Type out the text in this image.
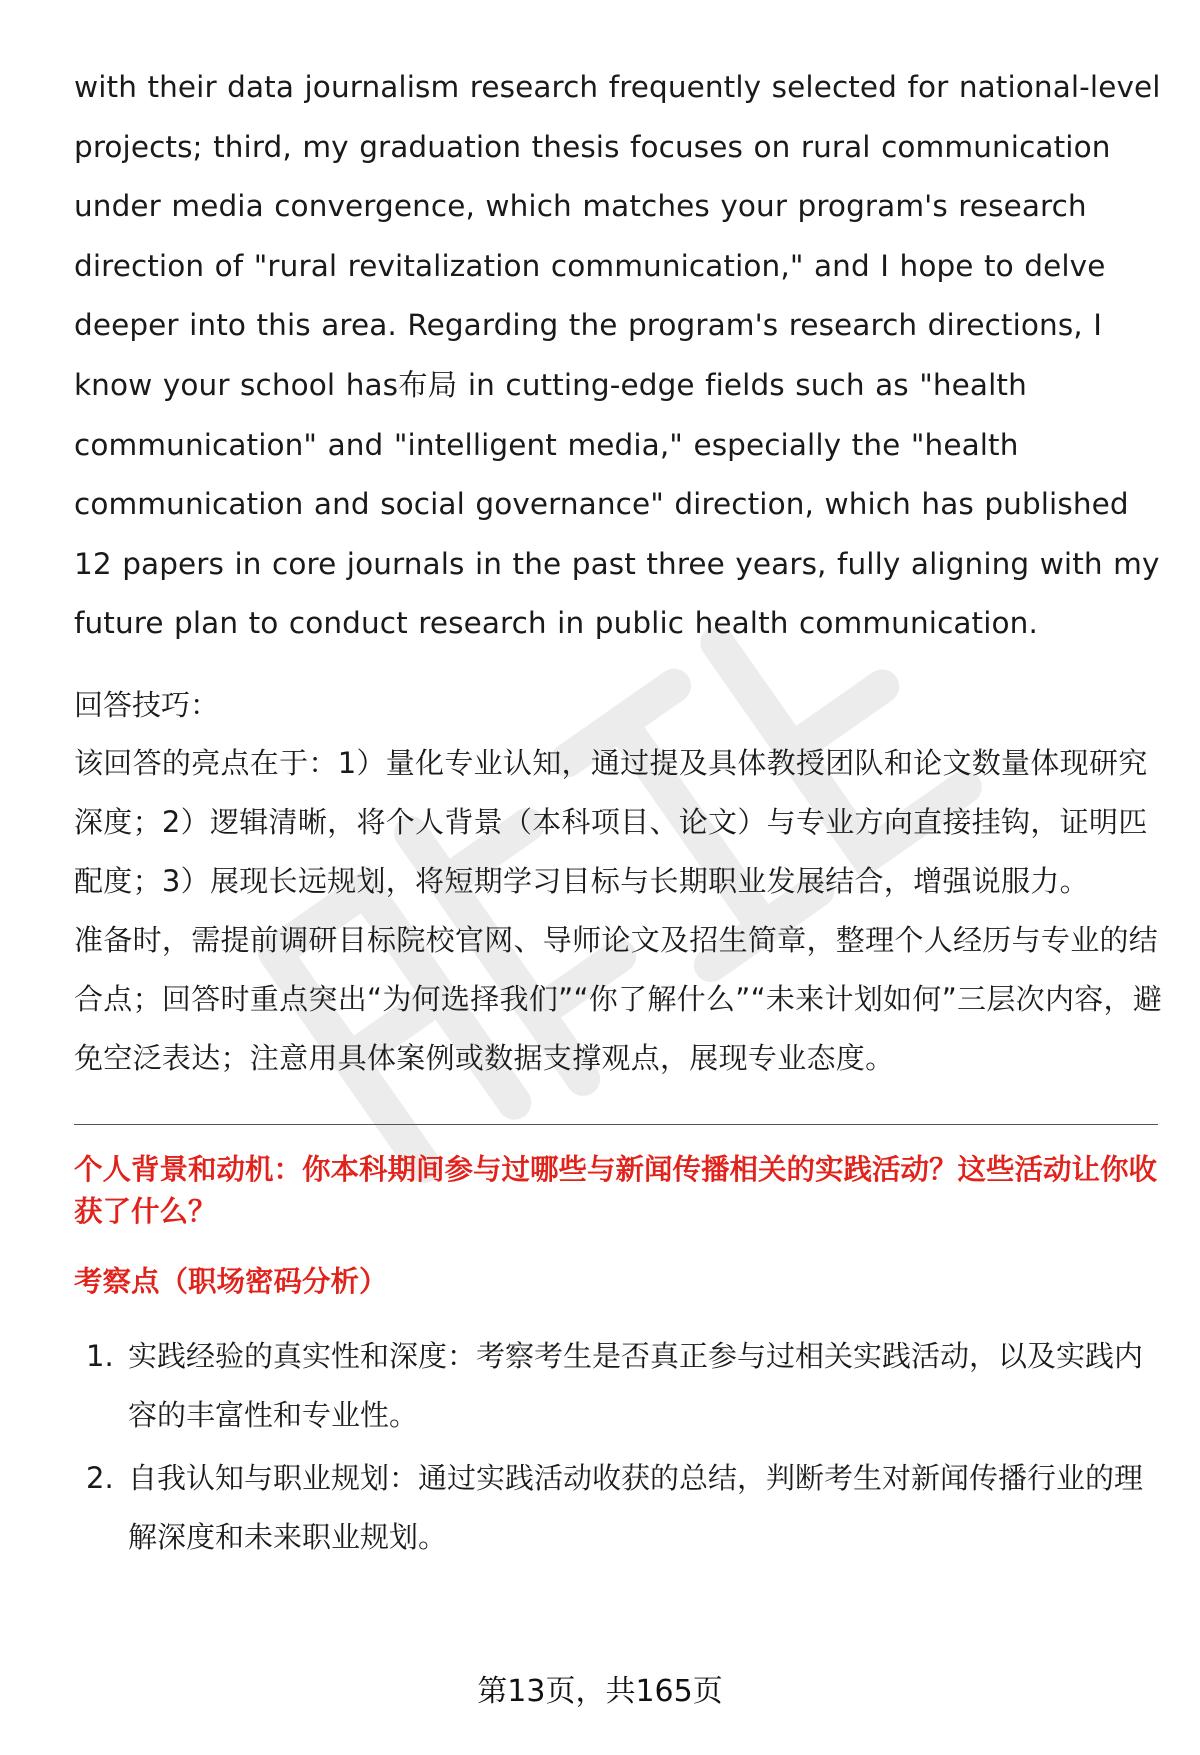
with their data journalism research frequently selected for national-level projects; third, my graduation thesis focuses on rural communication under media convergence, which matches your program's research direction of "rural revitalization communication," and I hope to delve deeper into this area. Regarding the program's research directions, I know your school has布局 in cutting-edge fields such as "health communication" and "intelligent media," especially the "health communication and social governance" direction, which has published 12 papers in core journals in the past three years, fully aligning with my future plan to conduct research in public health communication.

回答技巧：

该回答的亮点在于：1）量化专业认知，通过提及具体教授团队和论文数量体现研究深度；2）逻辑清晰，将个人背景（本科项目、论文）与专业方向直接挂钩，证明匹配度；3）展现长远规划，将短期学习目标与长期职业发展结合，增强说服力。

准备时，需提前调研目标院校官网、导师论文及招生简章，整理个人经历与专业的结合点；回答时重点突出“为何选择我们”“你了解什么”“未来计划如何”三层次内容，避免空泛表达；注意用具体案例或数据支撑观点，展现专业态度。

个人背景和动机：你本科期间参与过哪些与新闻传播相关的实践活动？这些活动让你收获了什么？

考察点（职场密码分析）

1. 实践经验的真实性和深度：考察考生是否真正参与过相关实践活动，以及实践内容的丰富性和专业性。
2. 自我认知与职业规划：通过实践活动收获的总结，判断考生对新闻传播行业的理解深度和未来职业规划。
第13页，共165页
